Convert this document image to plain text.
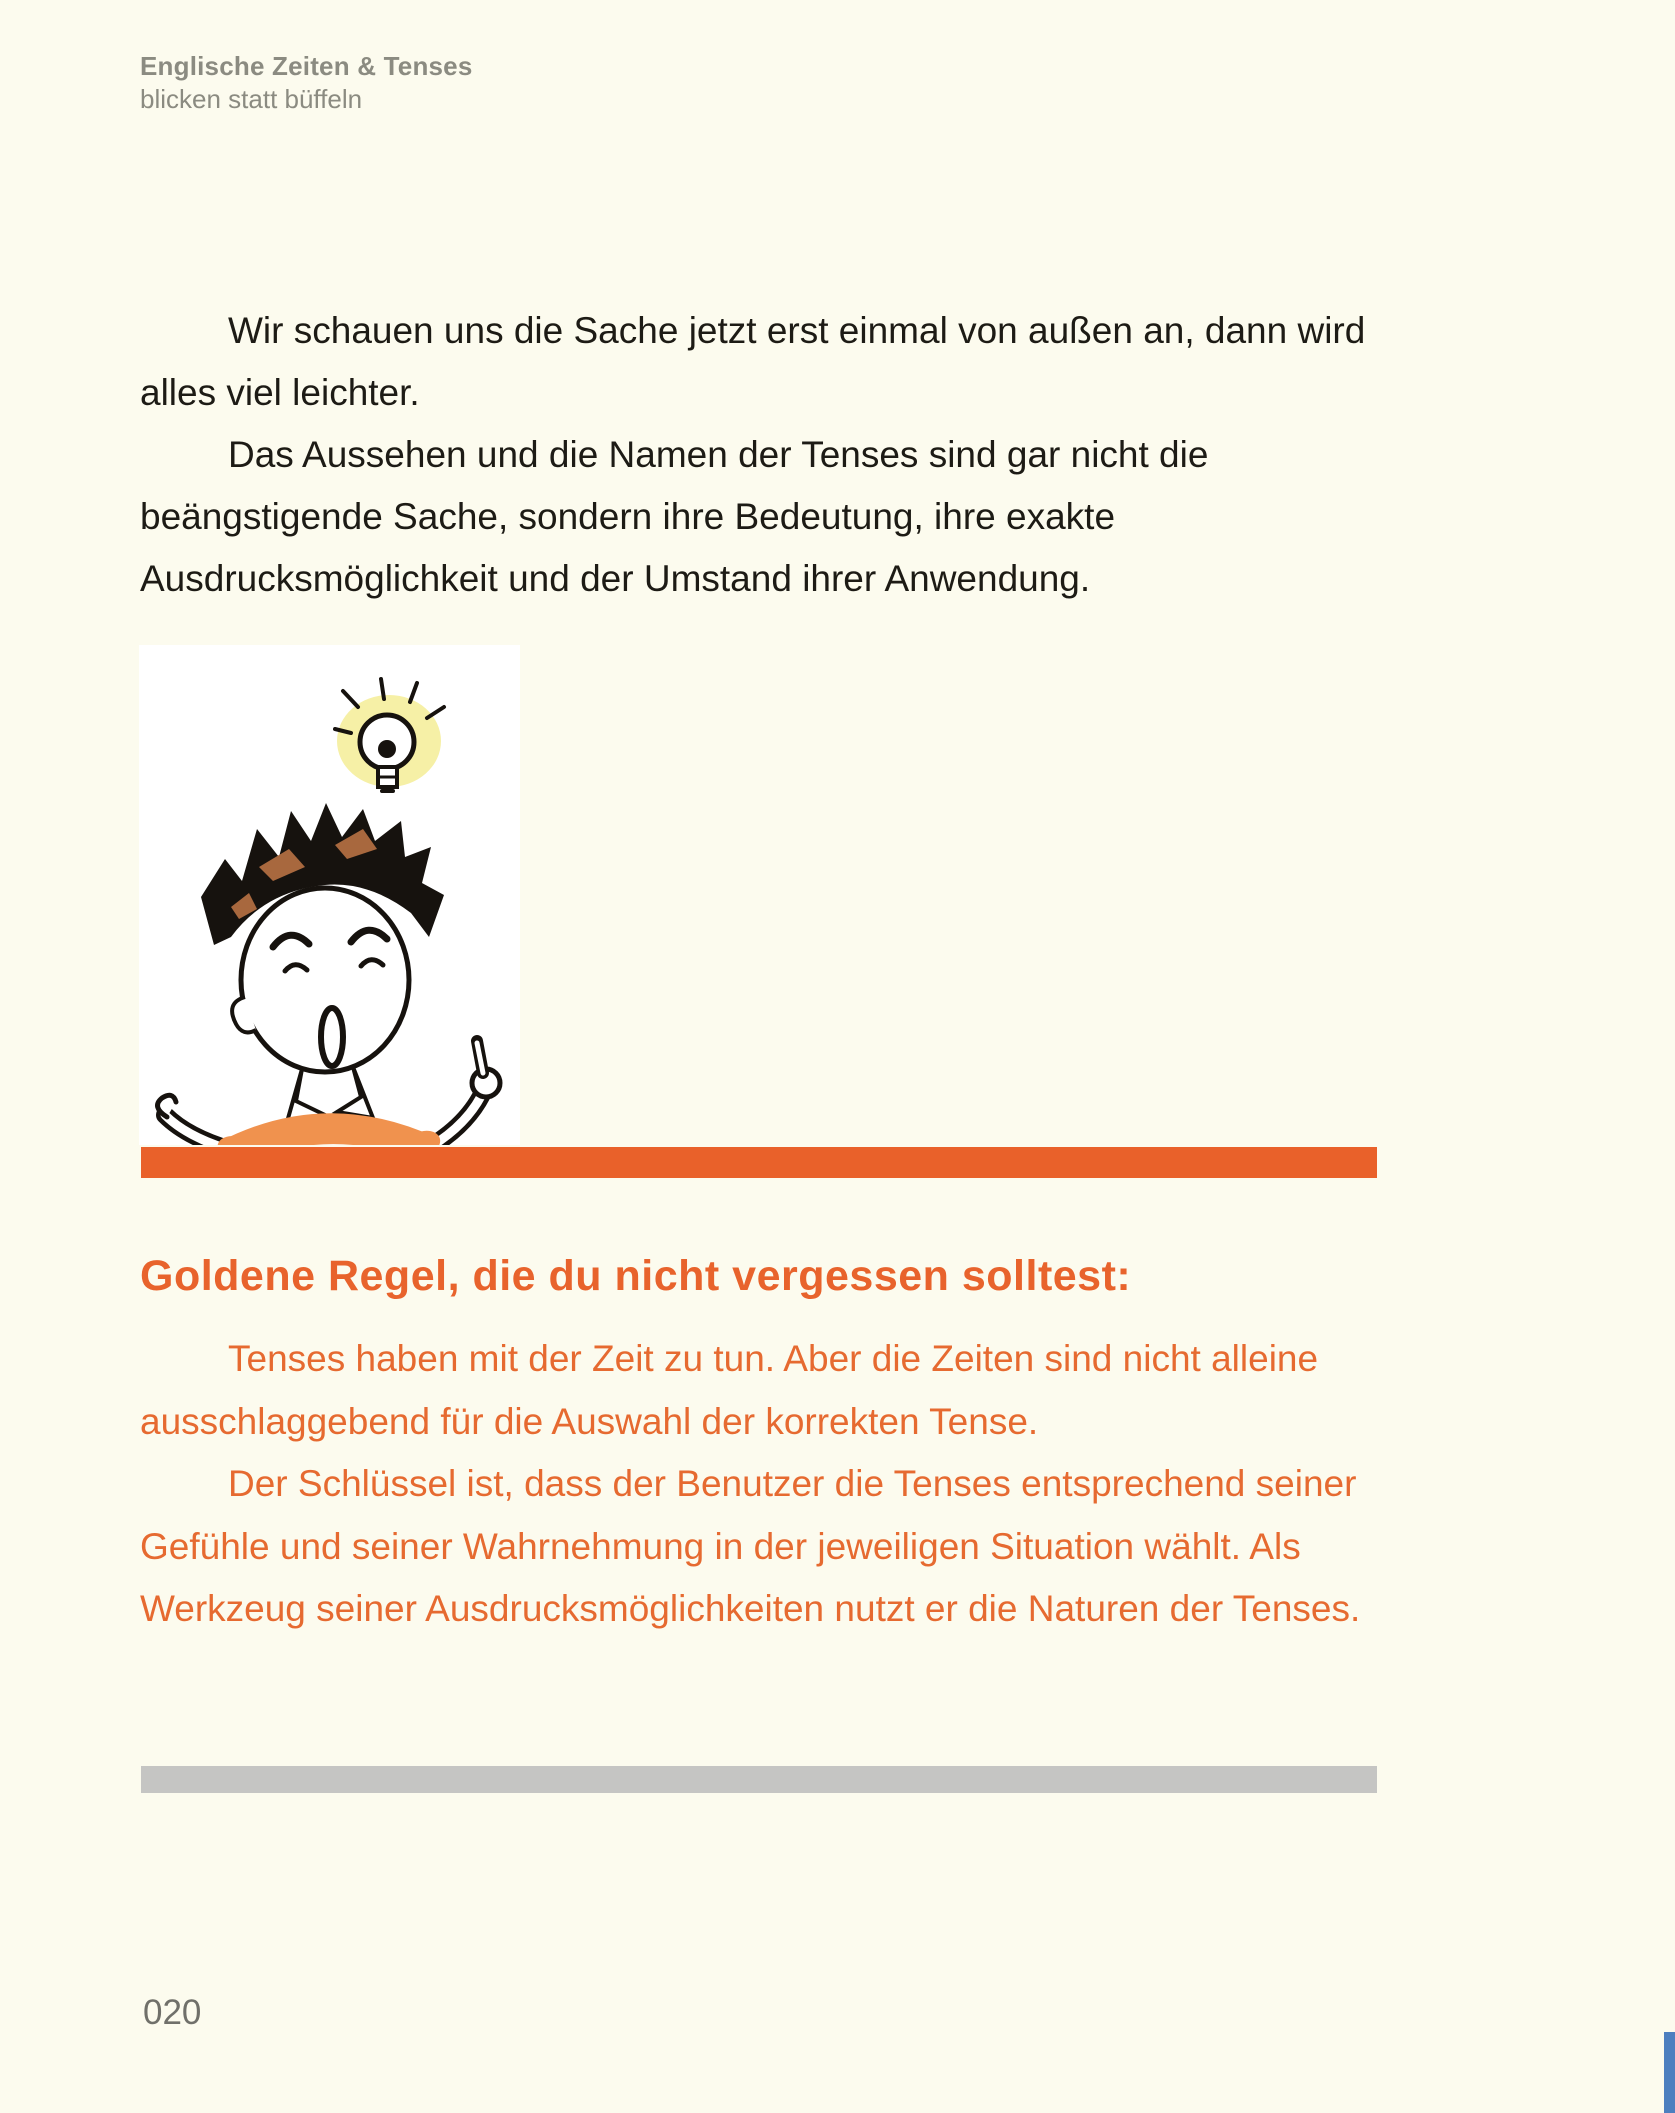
Englische Zeiten & Tenses
blicken statt büffeln

Wir schauen uns die Sache jetzt erst einmal von außen an, dann wird alles viel leichter.

Das Aussehen und die Namen der Tenses sind gar nicht die beängstigende Sache, sondern ihre Bedeutung, ihre exakte Ausdrucksmöglichkeit und der Umstand ihrer Anwendung.

Goldene Regel, die du nicht vergessen solltest:

Tenses haben mit der Zeit zu tun. Aber die Zeiten sind nicht alleine ausschlaggebend für die Auswahl der korrekten Tense.

Der Schlüssel ist, dass der Benutzer die Tenses entsprechend seiner Gefühle und seiner Wahrnehmung in der jeweiligen Situation wählt. Als Werkzeug seiner Ausdrucksmöglichkeiten nutzt er die Naturen der Tenses.

020
